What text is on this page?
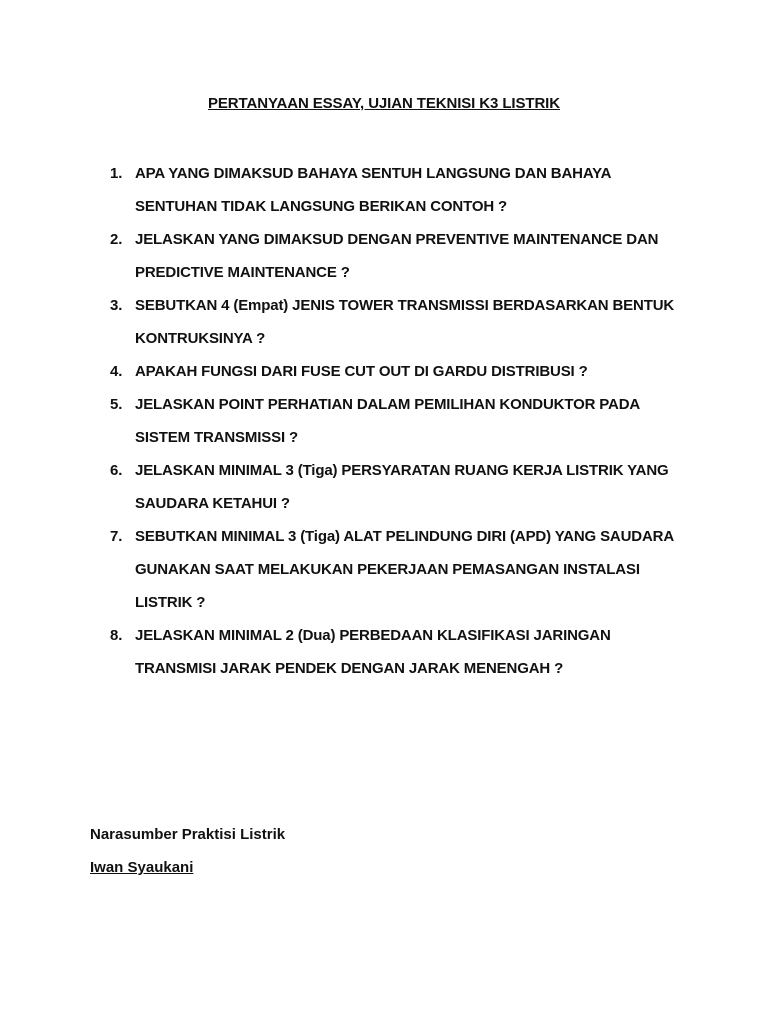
PERTANYAAN ESSAY, UJIAN TEKNISI K3 LISTRIK
1. APA YANG DIMAKSUD BAHAYA SENTUH LANGSUNG DAN BAHAYA SENTUHAN TIDAK LANGSUNG BERIKAN CONTOH ?
2. JELASKAN YANG DIMAKSUD DENGAN PREVENTIVE MAINTENANCE DAN PREDICTIVE MAINTENANCE ?
3. SEBUTKAN 4 (Empat) JENIS TOWER TRANSMISSI BERDASARKAN BENTUK KONTRUKSINYA ?
4. APAKAH FUNGSI DARI FUSE CUT OUT DI GARDU DISTRIBUSI ?
5. JELASKAN POINT PERHATIAN DALAM PEMILIHAN KONDUKTOR PADA SISTEM TRANSMISSI ?
6. JELASKAN MINIMAL 3 (Tiga) PERSYARATAN RUANG KERJA LISTRIK YANG SAUDARA KETAHUI ?
7. SEBUTKAN MINIMAL 3 (Tiga) ALAT PELINDUNG DIRI (APD) YANG SAUDARA GUNAKAN SAAT MELAKUKAN PEKERJAAN PEMASANGAN INSTALASI LISTRIK ?
8. JELASKAN MINIMAL 2 (Dua) PERBEDAAN KLASIFIKASI JARINGAN TRANSMISI JARAK PENDEK DENGAN JARAK MENENGAH ?
Narasumber Praktisi Listrik
Iwan Syaukani
